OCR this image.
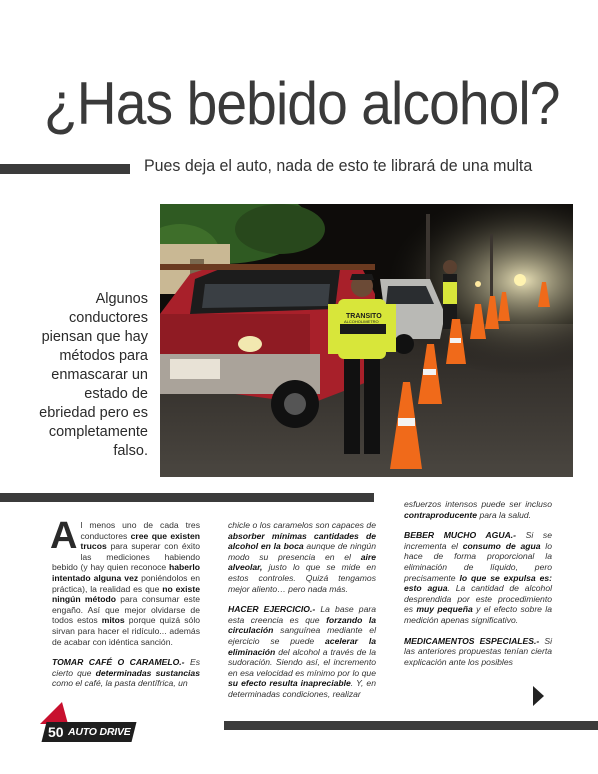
¿Has bebido alcohol?
Pues deja el auto, nada de esto te librará de una multa
TRANSITO
ALCOHOLIMETRO
Algunos conductores piensan que hay métodos para enmascarar un estado de ebriedad pero es completamente falso.

Al menos uno de cada tres conductores cree que existen trucos para superar con éxito las mediciones habiendo bebido (y hay quien reconoce haberlo intentado alguna vez poniéndolos en práctica), la realidad es que no existe ningún método para consumar este engaño. Así que mejor olvidarse de todos estos mitos porque quizá sólo sirvan para hacer el ridículo... además de acabar con idéntica sanción.

TOMAR CAFÉ O CARAMELO.- Es cierto que determinadas sustancias como el café, la pasta dentífrica, un

chicle o los caramelos son capaces de absorber mínimas cantidades de alcohol en la boca aunque de ningún modo su presencia en el aire alveolar, justo lo que se mide en estos controles. Quizá tengamos mejor aliento… pero nada más.

HACER EJERCICIO.- La base para esta creencia es que forzando la circulación sanguínea mediante el ejercicio se puede acelerar la eliminación del alcohol a través de la sudoración. Siendo así, el incremento en esa velocidad es mínimo por lo que su efecto resulta inapreciable. Y, en determinadas condiciones, realizar

esfuerzos intensos puede ser incluso contraproducente para la salud.

BEBER MUCHO AGUA.- Si se incrementa el consumo de agua lo hace de forma proporcional la eliminación de líquido, pero precisamente lo que se expulsa es: esto agua. La cantidad de alcohol desprendida por este procedimiento es muy pequeña y el efecto sobre la medición apenas significativo.

MEDICAMENTOS ESPECIALES.- Si las anteriores propuestas tenían cierta explicación ante los posibles

50 AUTO DRIVE
